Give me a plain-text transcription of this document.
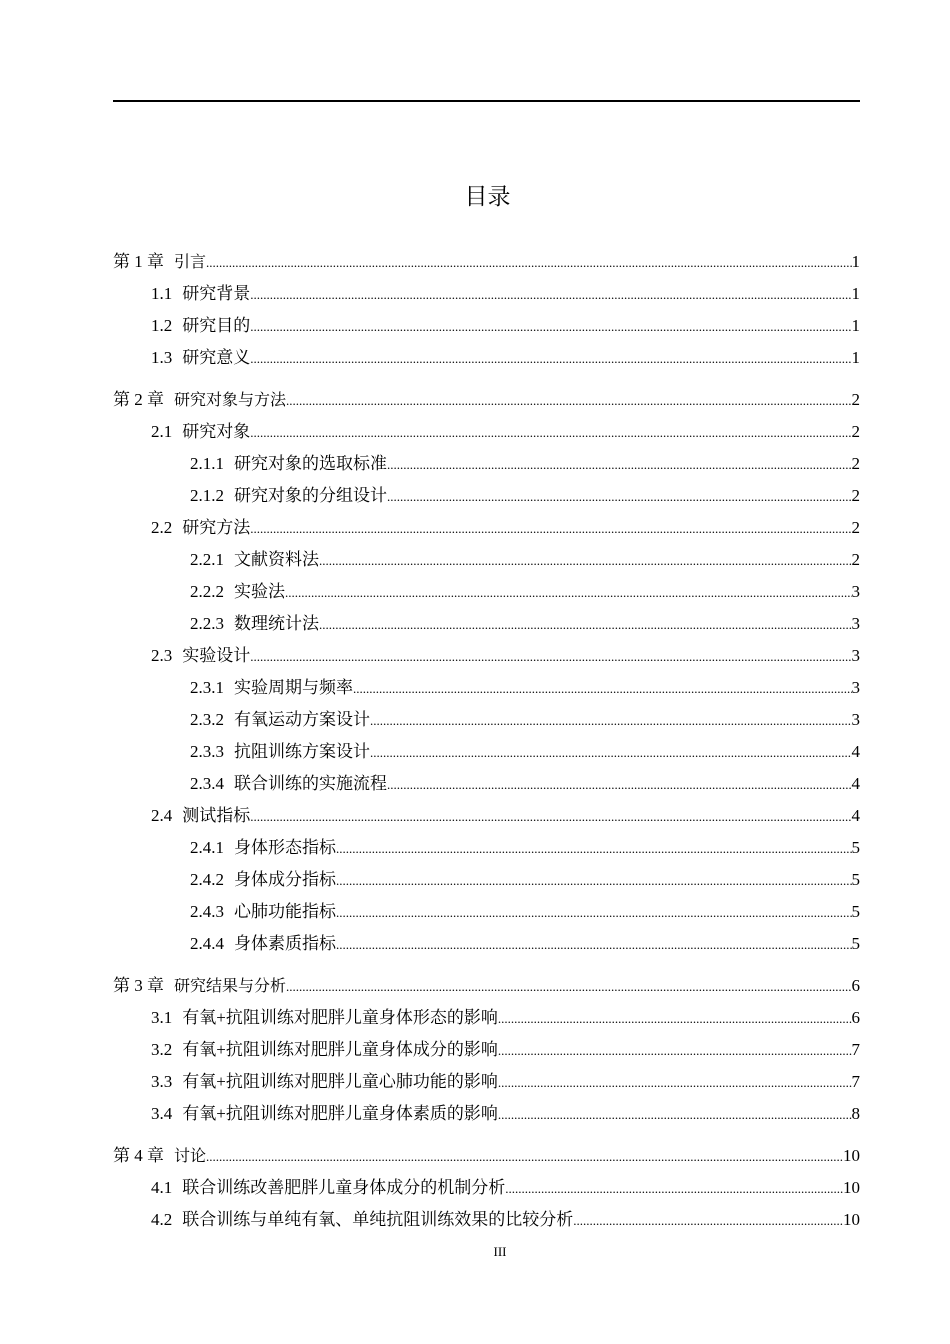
目录
第 1 章 引言 .....	1
1.1 研究背景 .....	1
1.2 研究目的 .....	1
1.3 研究意义 .....	1
第 2 章 研究对象与方法 .....	2
2.1 研究对象 .....	2
2.1.1 研究对象的选取标准 .....	2
2.1.2 研究对象的分组设计 .....	2
2.2 研究方法 .....	2
2.2.1 文献资料法 .....	2
2.2.2 实验法 .....	3
2.2.3 数理统计法 .....	3
2.3 实验设计 .....	3
2.3.1 实验周期与频率 .....	3
2.3.2 有氧运动方案设计 .....	3
2.3.3 抗阻训练方案设计 .....	4
2.3.4 联合训练的实施流程 .....	4
2.4 测试指标 .....	4
2.4.1 身体形态指标 .....	5
2.4.2 身体成分指标 .....	5
2.4.3 心肺功能指标 .....	5
2.4.4 身体素质指标 .....	5
第 3 章 研究结果与分析 .....	6
3.1 有氧+抗阻训练对肥胖儿童身体形态的影响 .....	6
3.2 有氧+抗阻训练对肥胖儿童身体成分的影响 .....	7
3.3 有氧+抗阻训练对肥胖儿童心肺功能的影响 .....	7
3.4 有氧+抗阻训练对肥胖儿童身体素质的影响 .....	8
第 4 章 讨论 .....	10
4.1 联合训练改善肥胖儿童身体成分的机制分析 .....	10
4.2 联合训练与单纯有氧、单纯抗阻训练效果的比较分析 .....	10
III
